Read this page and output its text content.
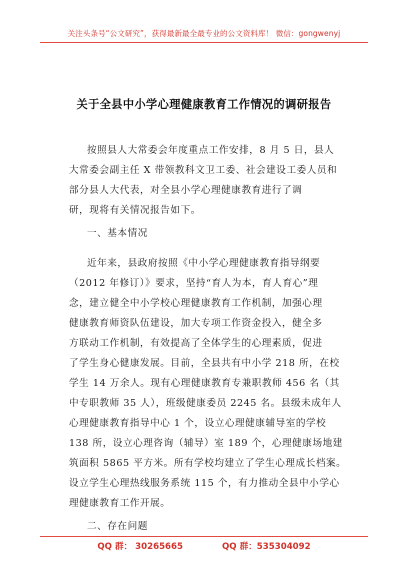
关注头条号“公文研究”，获得最新最全最专业的公文资料库！ 微信：gongwenyj
关于全县中小学心理健康教育工作情况的调研报告
按照县人大常委会年度重点工作安排，8 月 5 日，县人
大常委会副主任 X 带领教科文卫工委、社会建设工委人员和
部分县人大代表，对全县小学心理健康教育进行了调
研，现将有关情况报告如下。
一、基本情况
近年来，县政府按照《中小学心理健康教育指导纲要
（2012 年修订）》要求，坚持“育人为本，育人育心”理
念，建立健全中小学校心理健康教育工作机制，加强心理
健康教育师资队伍建设，加大专项工作资金投入，健全多
方联动工作机制，有效提高了全体学生的心理素质，促进
了学生身心健康发展。目前，全县共有中小学 218 所，在校
学生 14 万余人。现有心理健康教育专兼职教师 456 名（其
中专职教师 35 人），班级健康委员 2245 名。县级未成年人
心理健康教育指导中心 1 个，设立心理健康辅导室的学校
138 所，设立心理咨询（辅导）室 189 个，心理健康场地建
筑面积 5865 平方米。所有学校均建立了学生心理成长档案。
设立学生心理热线服务系统 115 个，有力推动全县中小学心
理健康教育工作开展。
二、存在问题
QQ 群： 30265665	QQ 群：535304092
